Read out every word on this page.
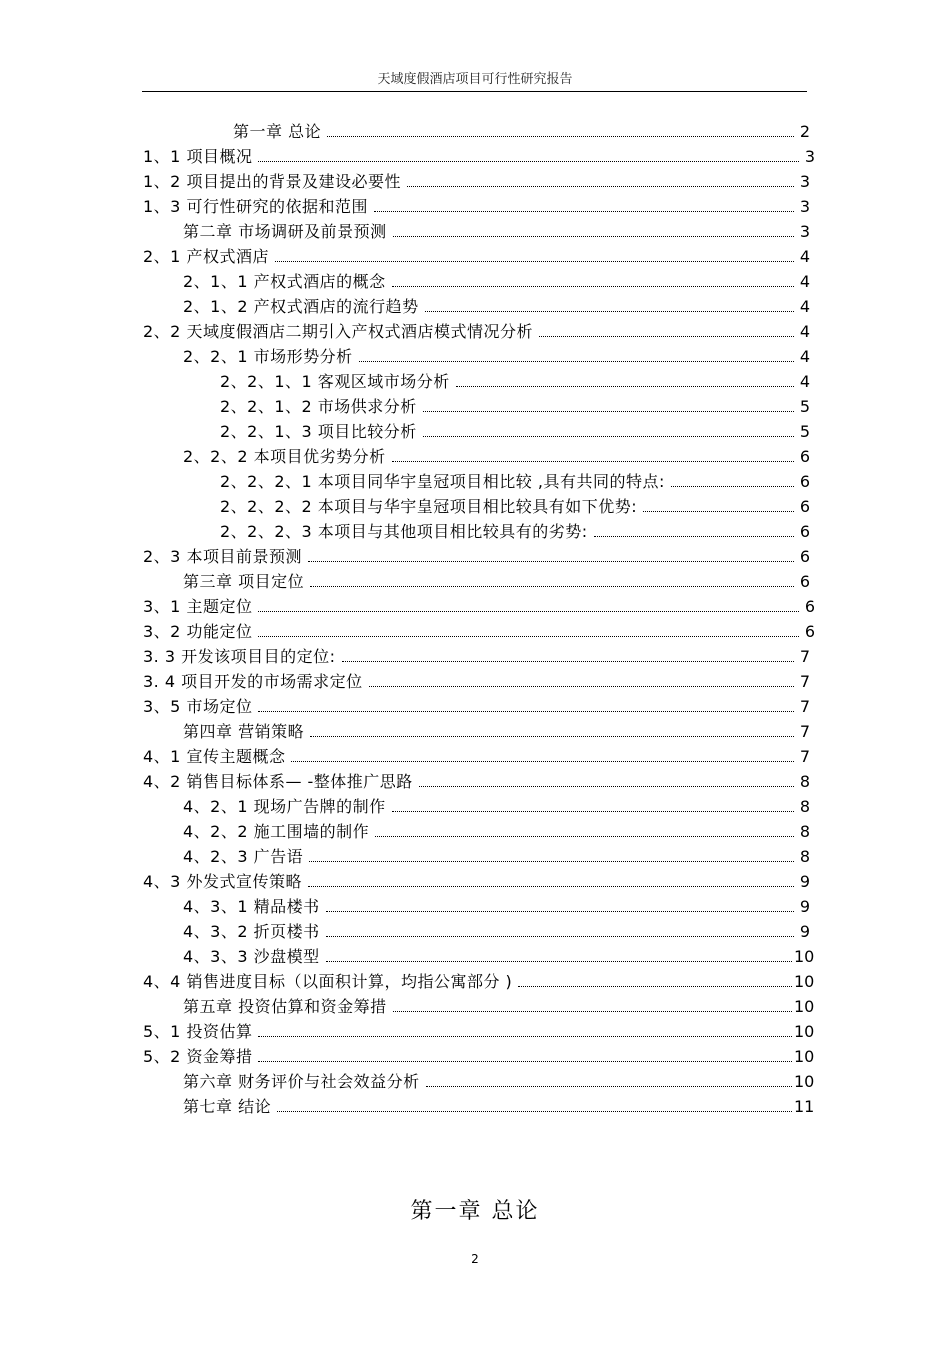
天域度假酒店项目可行性研究报告
第一章 总论	2
1、1 项目概况	3
1、2 项目提出的背景及建设必要性	3
1、3 可行性研究的依据和范围	3
第二章 市场调研及前景预测	3
2、1 产权式酒店	4
2、1、1 产权式酒店的概念	4
2、1、2 产权式酒店的流行趋势	4
2、2 天域度假酒店二期引入产权式酒店模式情况分析	4
2、2、1 市场形势分析	4
2、2、1、1 客观区域市场分析	4
2、2、1、2 市场供求分析	5
2、2、1、3 项目比较分析	5
2、2、2 本项目优劣势分析	6
2、2、2、1 本项目同华宇皇冠项目相比较 ,具有共同的特点:	6
2、2、2、2 本项目与华宇皇冠项目相比较具有如下优势:	6
2、2、2、3 本项目与其他项目相比较具有的劣势:	6
2、3 本项目前景预测	6
第三章 项目定位	6
3、1 主题定位	6
3、2 功能定位	6
3. 3 开发该项目目的定位:	7
3. 4 项目开发的市场需求定位	7
3、5 市场定位	7
第四章 营销策略	7
4、1 宣传主题概念	7
4、2 销售目标体系— -整体推广思路	8
4、2、1 现场广告牌的制作	8
4、2、2 施工围墙的制作	8
4、2、3 广告语	8
4、3 外发式宣传策略	9
4、3、1 精品楼书	9
4、3、2 折页楼书	9
4、3、3 沙盘模型	10
4、4 销售进度目标（以面积计算，均指公寓部分 )	10
第五章 投资估算和资金筹措	10
5、1 投资估算	10
5、2 资金筹措	10
第六章 财务评价与社会效益分析	10
第七章 结论	11
第一章 总论
2
